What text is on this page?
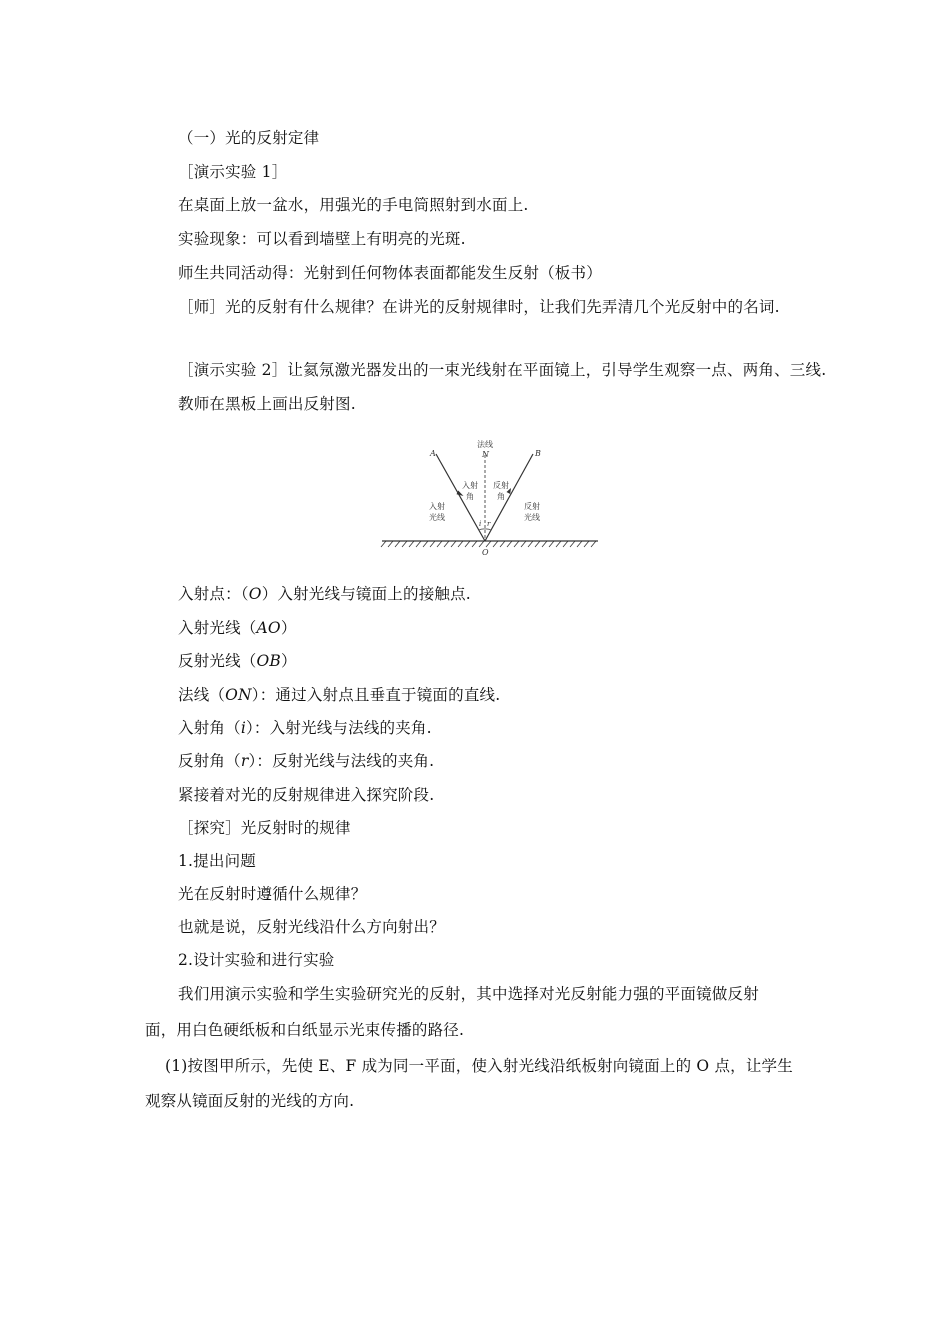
（一）光的反射定律
［演示实验 1］
在桌面上放一盆水，用强光的手电筒照射到水面上.
实验现象：可以看到墙壁上有明亮的光斑.
师生共同活动得：光射到任何物体表面都能发生反射（板书）
［师］光的反射有什么规律？在讲光的反射规律时，让我们先弄清几个光反射中的名词.
［演示实验 2］让氦氖激光器发出的一束光线射在平面镜上，引导学生观察一点、两角、三线.
教师在黑板上画出反射图.
法线
A	N	B
O
入射
角
反射
角
入射
光线
反射
光线
i r
入射点：（O）入射光线与镜面上的接触点.
入射光线（AO）
反射光线（OB）
法线（ON）：通过入射点且垂直于镜面的直线.
入射角（i）：入射光线与法线的夹角.
反射角（r）：反射光线与法线的夹角.
紧接着对光的反射规律进入探究阶段.
［探究］光反射时的规律
1.提出问题
光在反射时遵循什么规律？
也就是说，反射光线沿什么方向射出？
2.设计实验和进行实验
我们用演示实验和学生实验研究光的反射，其中选择对光反射能力强的平面镜做反射
面，用白色硬纸板和白纸显示光束传播的路径.
(1)按图甲所示，先使 E、F 成为同一平面，使入射光线沿纸板射向镜面上的 O 点，让学生
观察从镜面反射的光线的方向.
